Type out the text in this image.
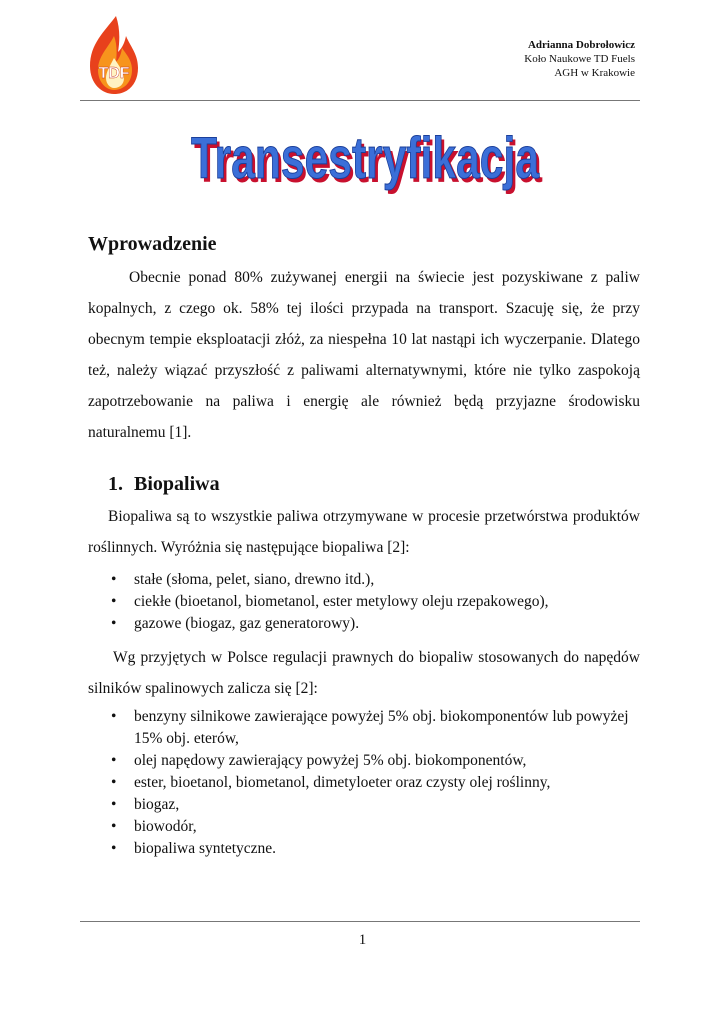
TDF
Adrianna Dobrołowicz
Koło Naukowe TD Fuels
AGH w Krakowie
Transestryfikacja
Transestryfikacja
Wprowadzenie

Obecnie ponad 80% zużywanej energii na świecie jest pozyskiwane z paliw kopalnych, z czego ok. 58% tej ilości przypada na transport. Szacuję się, że przy obecnym tempie eksploatacji złóż, za niespełna 10 lat nastąpi ich wyczerpanie. Dlatego też, należy wiązać przyszłość z paliwami alternatywnymi, które nie tylko zaspokoją zapotrzebowanie na paliwa i energię ale również będą przyjazne środowisku naturalnemu [1].

1. Biopaliwa

Biopaliwa są to wszystkie paliwa otrzymywane w procesie przetwórstwa produktów roślinnych. Wyróżnia się następujące biopaliwa [2]:

• stałe (słoma, pelet, siano, drewno itd.),
• ciekłe (bioetanol, biometanol, ester metylowy oleju rzepakowego),
• gazowe (biogaz, gaz generatorowy).

Wg przyjętych w Polsce regulacji prawnych do biopaliw stosowanych do napędów silników spalinowych zalicza się [2]:

• benzyny silnikowe zawierające powyżej 5% obj. biokomponentów lub powyżej 15% obj. eterów,
• olej napędowy zawierający powyżej 5% obj. biokomponentów,
• ester, bioetanol, biometanol, dimetyloeter oraz czysty olej roślinny,
• biogaz,
• biowodór,
• biopaliwa syntetyczne.
1
